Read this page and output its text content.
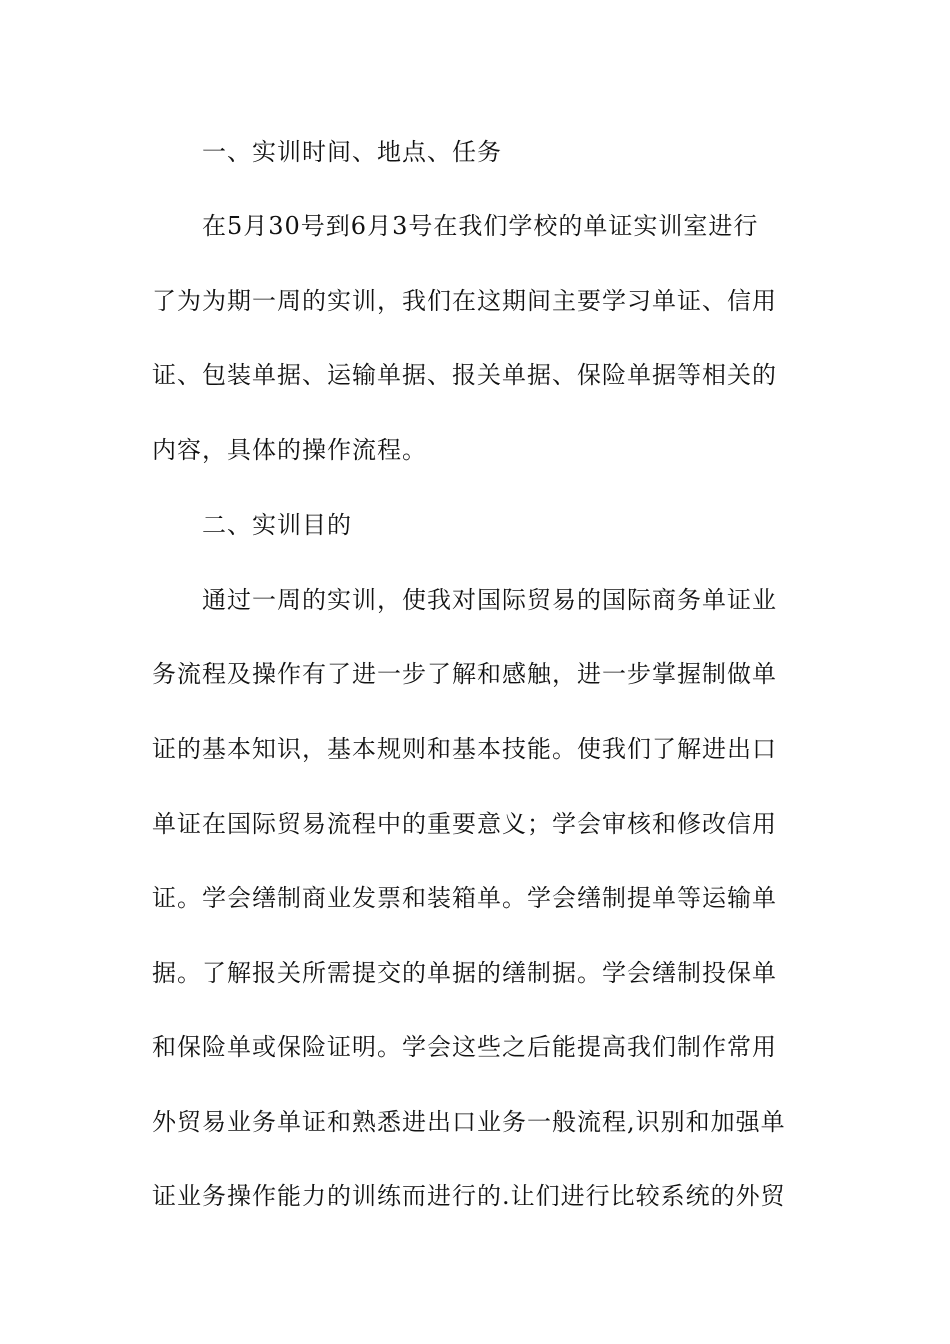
一、实训时间、地点、任务
在5月30号到6月3号在我们学校的单证实训室进行
了为为期一周的实训，我们在这期间主要学习单证、信用
证、包装单据、运输单据、报关单据、保险单据等相关的
内容，具体的操作流程。
二、实训目的
通过一周的实训，使我对国际贸易的国际商务单证业
务流程及操作有了进一步了解和感触，进一步掌握制做单
证的基本知识，基本规则和基本技能。使我们了解进出口
单证在国际贸易流程中的重要意义；学会审核和修改信用
证。学会缮制商业发票和装箱单。学会缮制提单等运输单
据。了解报关所需提交的单据的缮制据。学会缮制投保单
和保险单或保险证明。学会这些之后能提高我们制作常用
外贸易业务单证和熟悉进出口业务一般流程,识别和加强单
证业务操作能力的训练而进行的.让们进行比较系统的外贸
